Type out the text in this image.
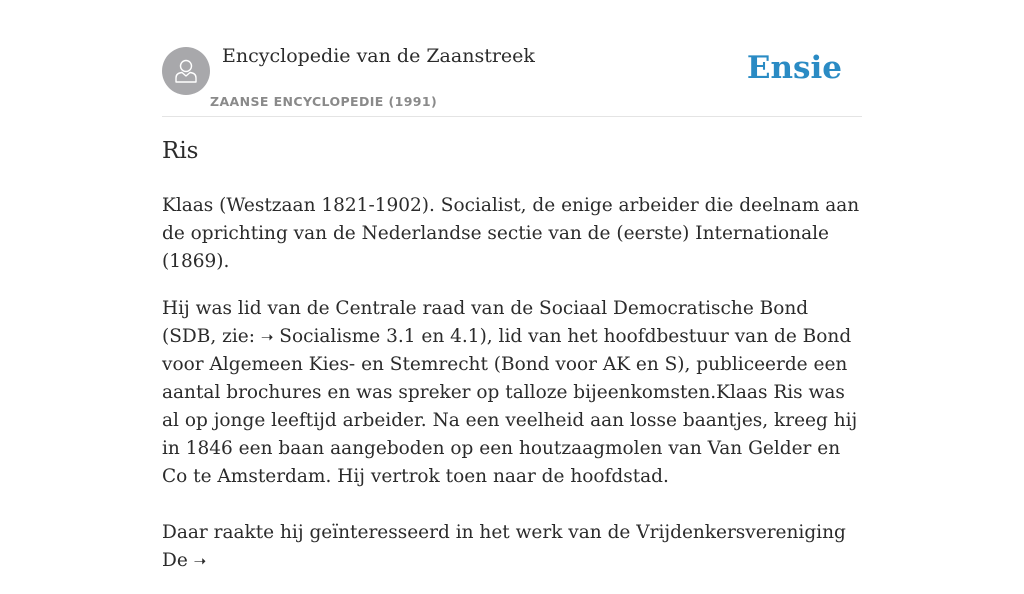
Encyclopedie van de Zaanstreek
ZAANSE ENCYCLOPEDIE (1991)
Ensie
Ris

Klaas (Westzaan 1821-1902). Socialist, de enige arbeider die deelnam aan de oprichting van de Nederlandse sectie van de (eerste) Internationale (1869).

Hij was lid van de Centrale raad van de Sociaal Democratische Bond (SDB, zie: ➝ Socialisme 3.1 en 4.1), lid van het hoofdbestuur van de Bond voor Algemeen Kies- en Stemrecht (Bond voor AK en S), publiceerde een aantal brochures en was spreker op talloze bijeenkomsten.Klaas Ris was al op jonge leeftijd arbeider. Na een veelheid aan losse baantjes, kreeg hij in 1846 een baan aangeboden op een houtzaagmolen van Van Gelder en Co te Amsterdam. Hij vertrok toen naar de hoofdstad.

Daar raakte hij geïnteresseerd in het werk van de Vrijdenkersvereniging De ➝
